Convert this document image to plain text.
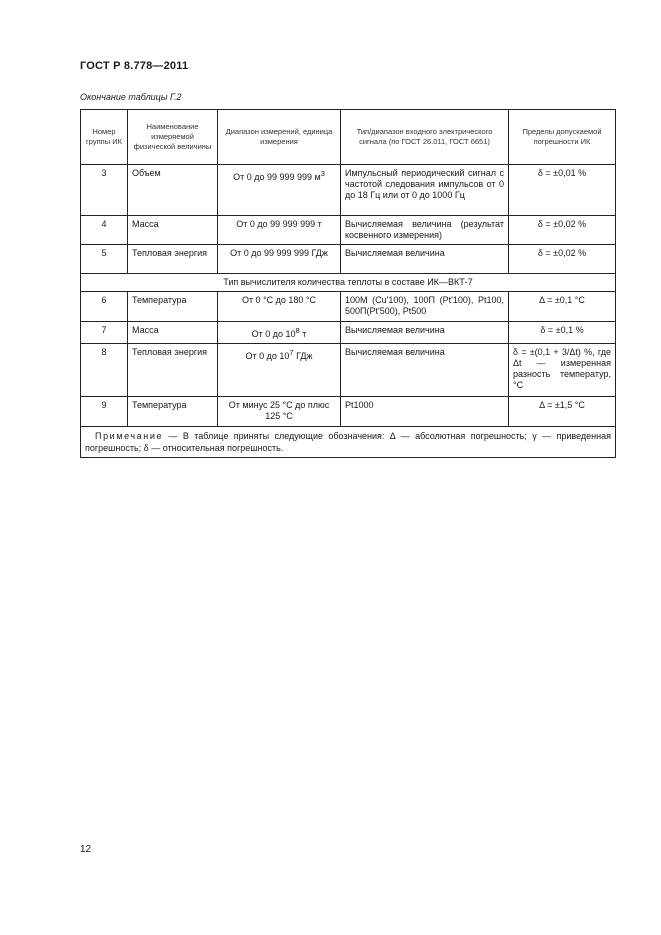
ГОСТ Р 8.778—2011
Окончание таблицы Г.2
Номер группы ИК	Наименование измеряемой физической величины	Диапазон измерений, единица измерения	Тип/диапазон входного электрического сигнала (по ГОСТ 26.011, ГОСТ 6651)	Пределы допускаемой погрешности ИК
3	Объем	От 0 до 99 999 999 $м^3$	Импульсный периодический сигнал с частотой следования импульсов от 0 до 18 Гц или от 0 до 1000 Гц	δ = ±0,01 %
4	Масса	От 0 до 99 999 999 т	Вычисляемая величина (результат косвенного измерения)	δ = ±0,02 %
5	Тепловая энергия	От 0 до 99 999 999 ГДж	Вычисляемая величина	δ = ±0,02 %
Тип вычислителя количества теплоты в составе ИК—ВКТ-7				
6	Температура	От 0 °С до 180 °С	100М (Cu'100), 100П (Pt'100), Pt100, 500П(Pt'500), Pt500	Δ = ±0,1 °С
7	Масса	От 0 до $10^8$ т	Вычисляемая величина	δ = ±0,1 %
8	Тепловая энергия	От 0 до $10^7$ ГДж	Вычисляемая величина	δ = ±(0,1 + 3/Δt) %, где Δt — измеренная разность температур, °С
9	Температура	От минус 25 °С до плюс 125 °С	Pt1000	Δ = ±1,5 °С
Примечание — В таблице приняты следующие обозначения: Δ — абсолютная погрешность; γ — приведенная погрешность; δ — относительная погрешность.				
12
